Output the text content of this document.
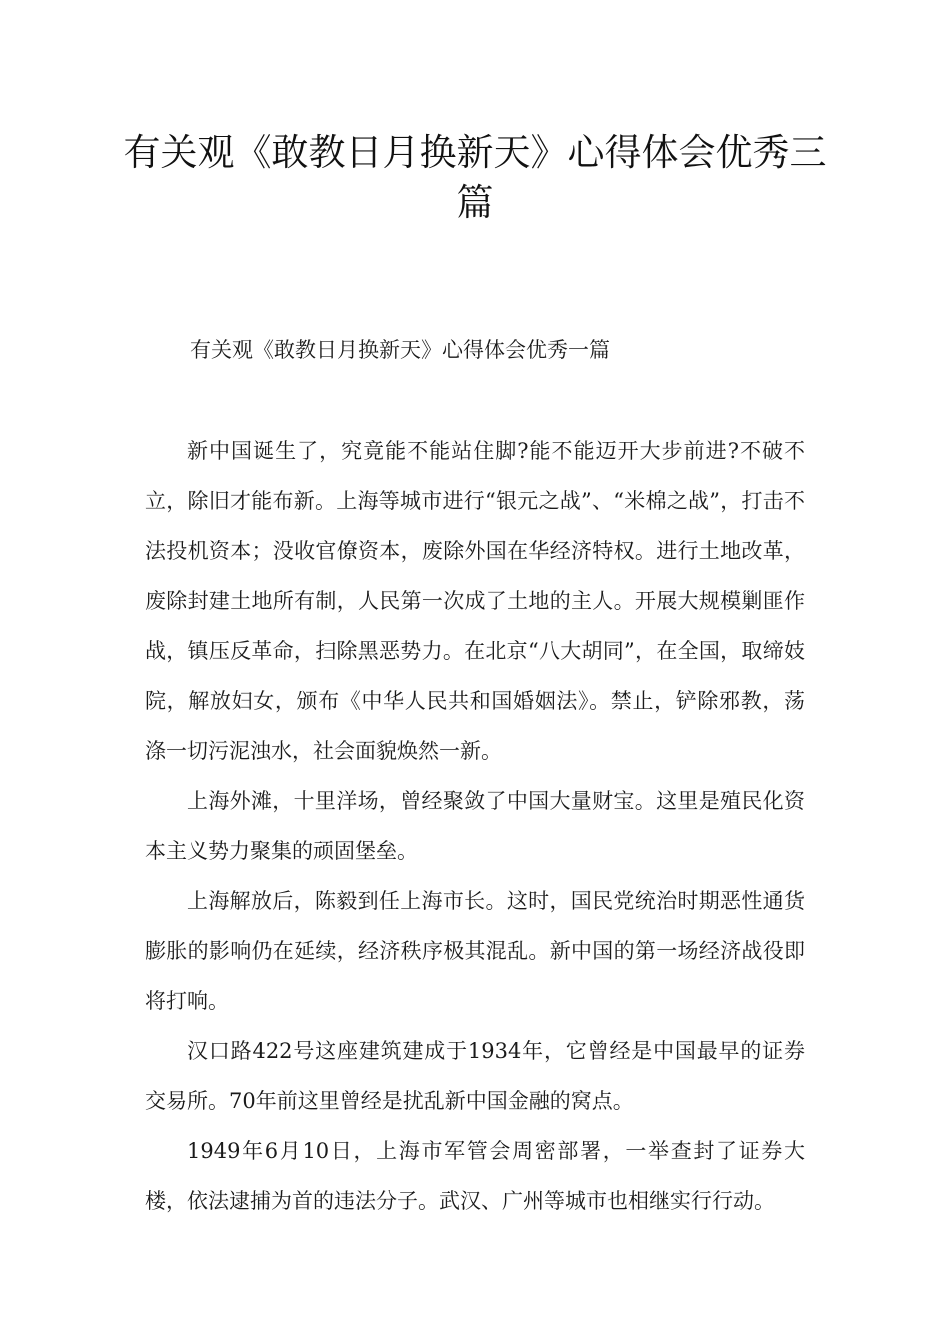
有关观《敢教日月换新天》心得体会优秀三篇

有关观《敢教日月换新天》心得体会优秀一篇

新中国诞生了，究竟能不能站住脚?能不能迈开大步前进?不破不立，除旧才能布新。上海等城市进行“银元之战”、“米棉之战”，打击不法投机资本；没收官僚资本，废除外国在华经济特权。进行土地改革，废除封建土地所有制，人民第一次成了土地的主人。开展大规模剿匪作战，镇压反革命，扫除黑恶势力。在北京“八大胡同”，在全国，取缔妓院，解放妇女，颁布《中华人民共和国婚姻法》。禁止，铲除邪教，荡涤一切污泥浊水，社会面貌焕然一新。

上海外滩，十里洋场，曾经聚敛了中国大量财宝。这里是殖民化资本主义势力聚集的顽固堡垒。

上海解放后，陈毅到任上海市长。这时，国民党统治时期恶性通货膨胀的影响仍在延续，经济秩序极其混乱。新中国的第一场经济战役即将打响。

汉口路422号这座建筑建成于1934年，它曾经是中国最早的证券交易所。70年前这里曾经是扰乱新中国金融的窝点。

1949年6月10日，上海市军管会周密部署，一举查封了证券大楼，依法逮捕为首的违法分子。武汉、广州等城市也相继实行行动。
